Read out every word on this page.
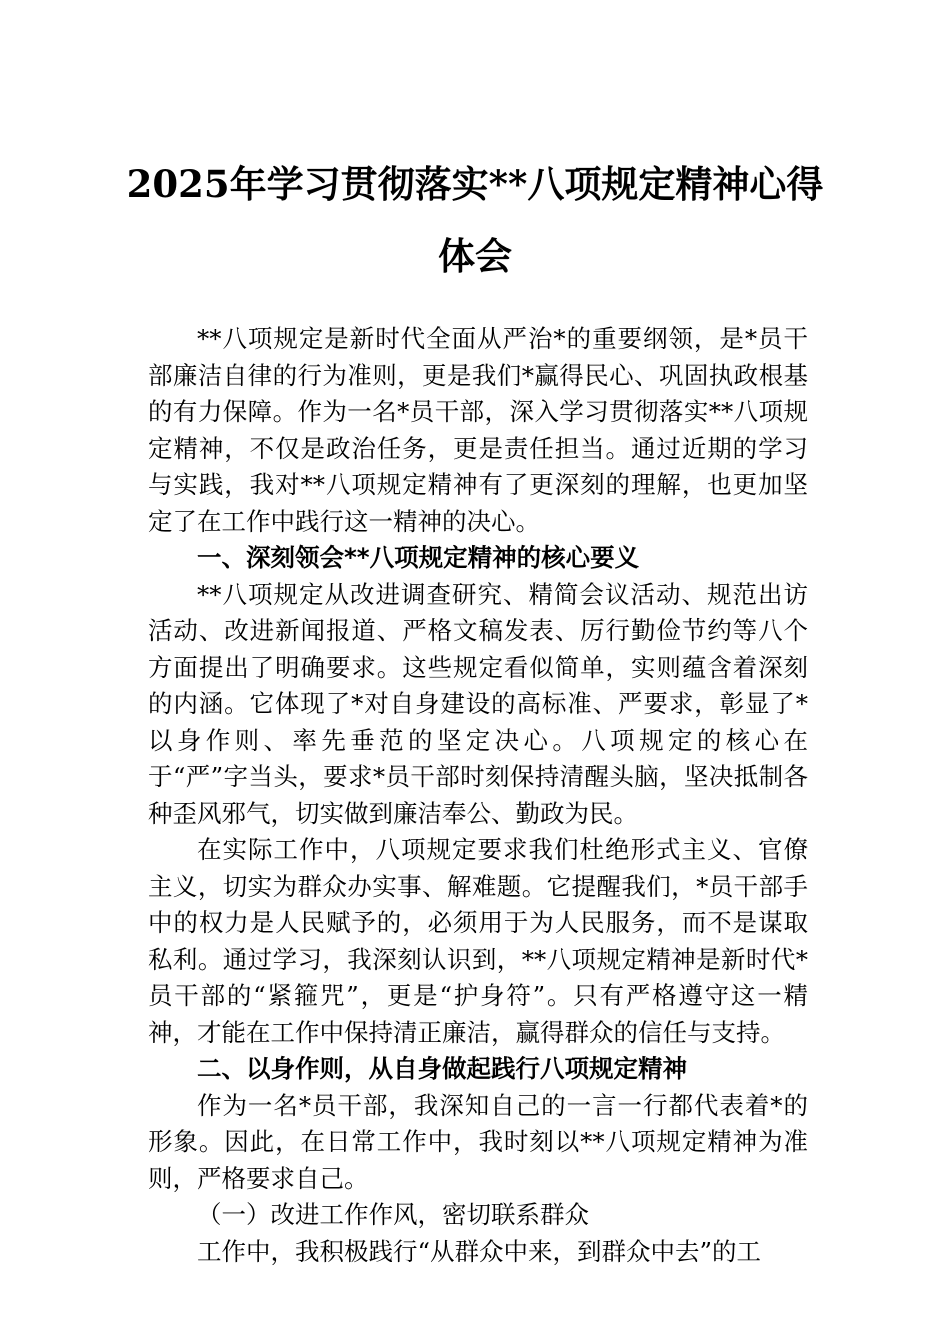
2025年学习贯彻落实**八项规定精神心得
体会

**八项规定是新时代全面从严治*的重要纲领，是*员干部廉洁自律的行为准则，更是我们*赢得民心、巩固执政根基的有力保障。作为一名*员干部，深入学习贯彻落实**八项规定精神，不仅是政治任务，更是责任担当。通过近期的学习与实践，我对**八项规定精神有了更深刻的理解，也更加坚定了在工作中践行这一精神的决心。

一、深刻领会**八项规定精神的核心要义

**八项规定从改进调查研究、精简会议活动、规范出访活动、改进新闻报道、严格文稿发表、厉行勤俭节约等八个方面提出了明确要求。这些规定看似简单，实则蕴含着深刻的内涵。它体现了*对自身建设的高标准、严要求，彰显了*以身作则、率先垂范的坚定决心。八项规定的核心在于“严”字当头，要求*员干部时刻保持清醒头脑，坚决抵制各种歪风邪气，切实做到廉洁奉公、勤政为民。

在实际工作中，八项规定要求我们杜绝形式主义、官僚主义，切实为群众办实事、解难题。它提醒我们，*员干部手中的权力是人民赋予的，必须用于为人民服务，而不是谋取私利。通过学习，我深刻认识到，**八项规定精神是新时代*员干部的“紧箍咒”，更是“护身符”。只有严格遵守这一精神，才能在工作中保持清正廉洁，赢得群众的信任与支持。

二、以身作则，从自身做起践行八项规定精神

作为一名*员干部，我深知自己的一言一行都代表着*的形象。因此，在日常工作中，我时刻以**八项规定精神为准则，严格要求自己。

（一）改进工作作风，密切联系群众

工作中，我积极践行“从群众中来，到群众中去”的工
